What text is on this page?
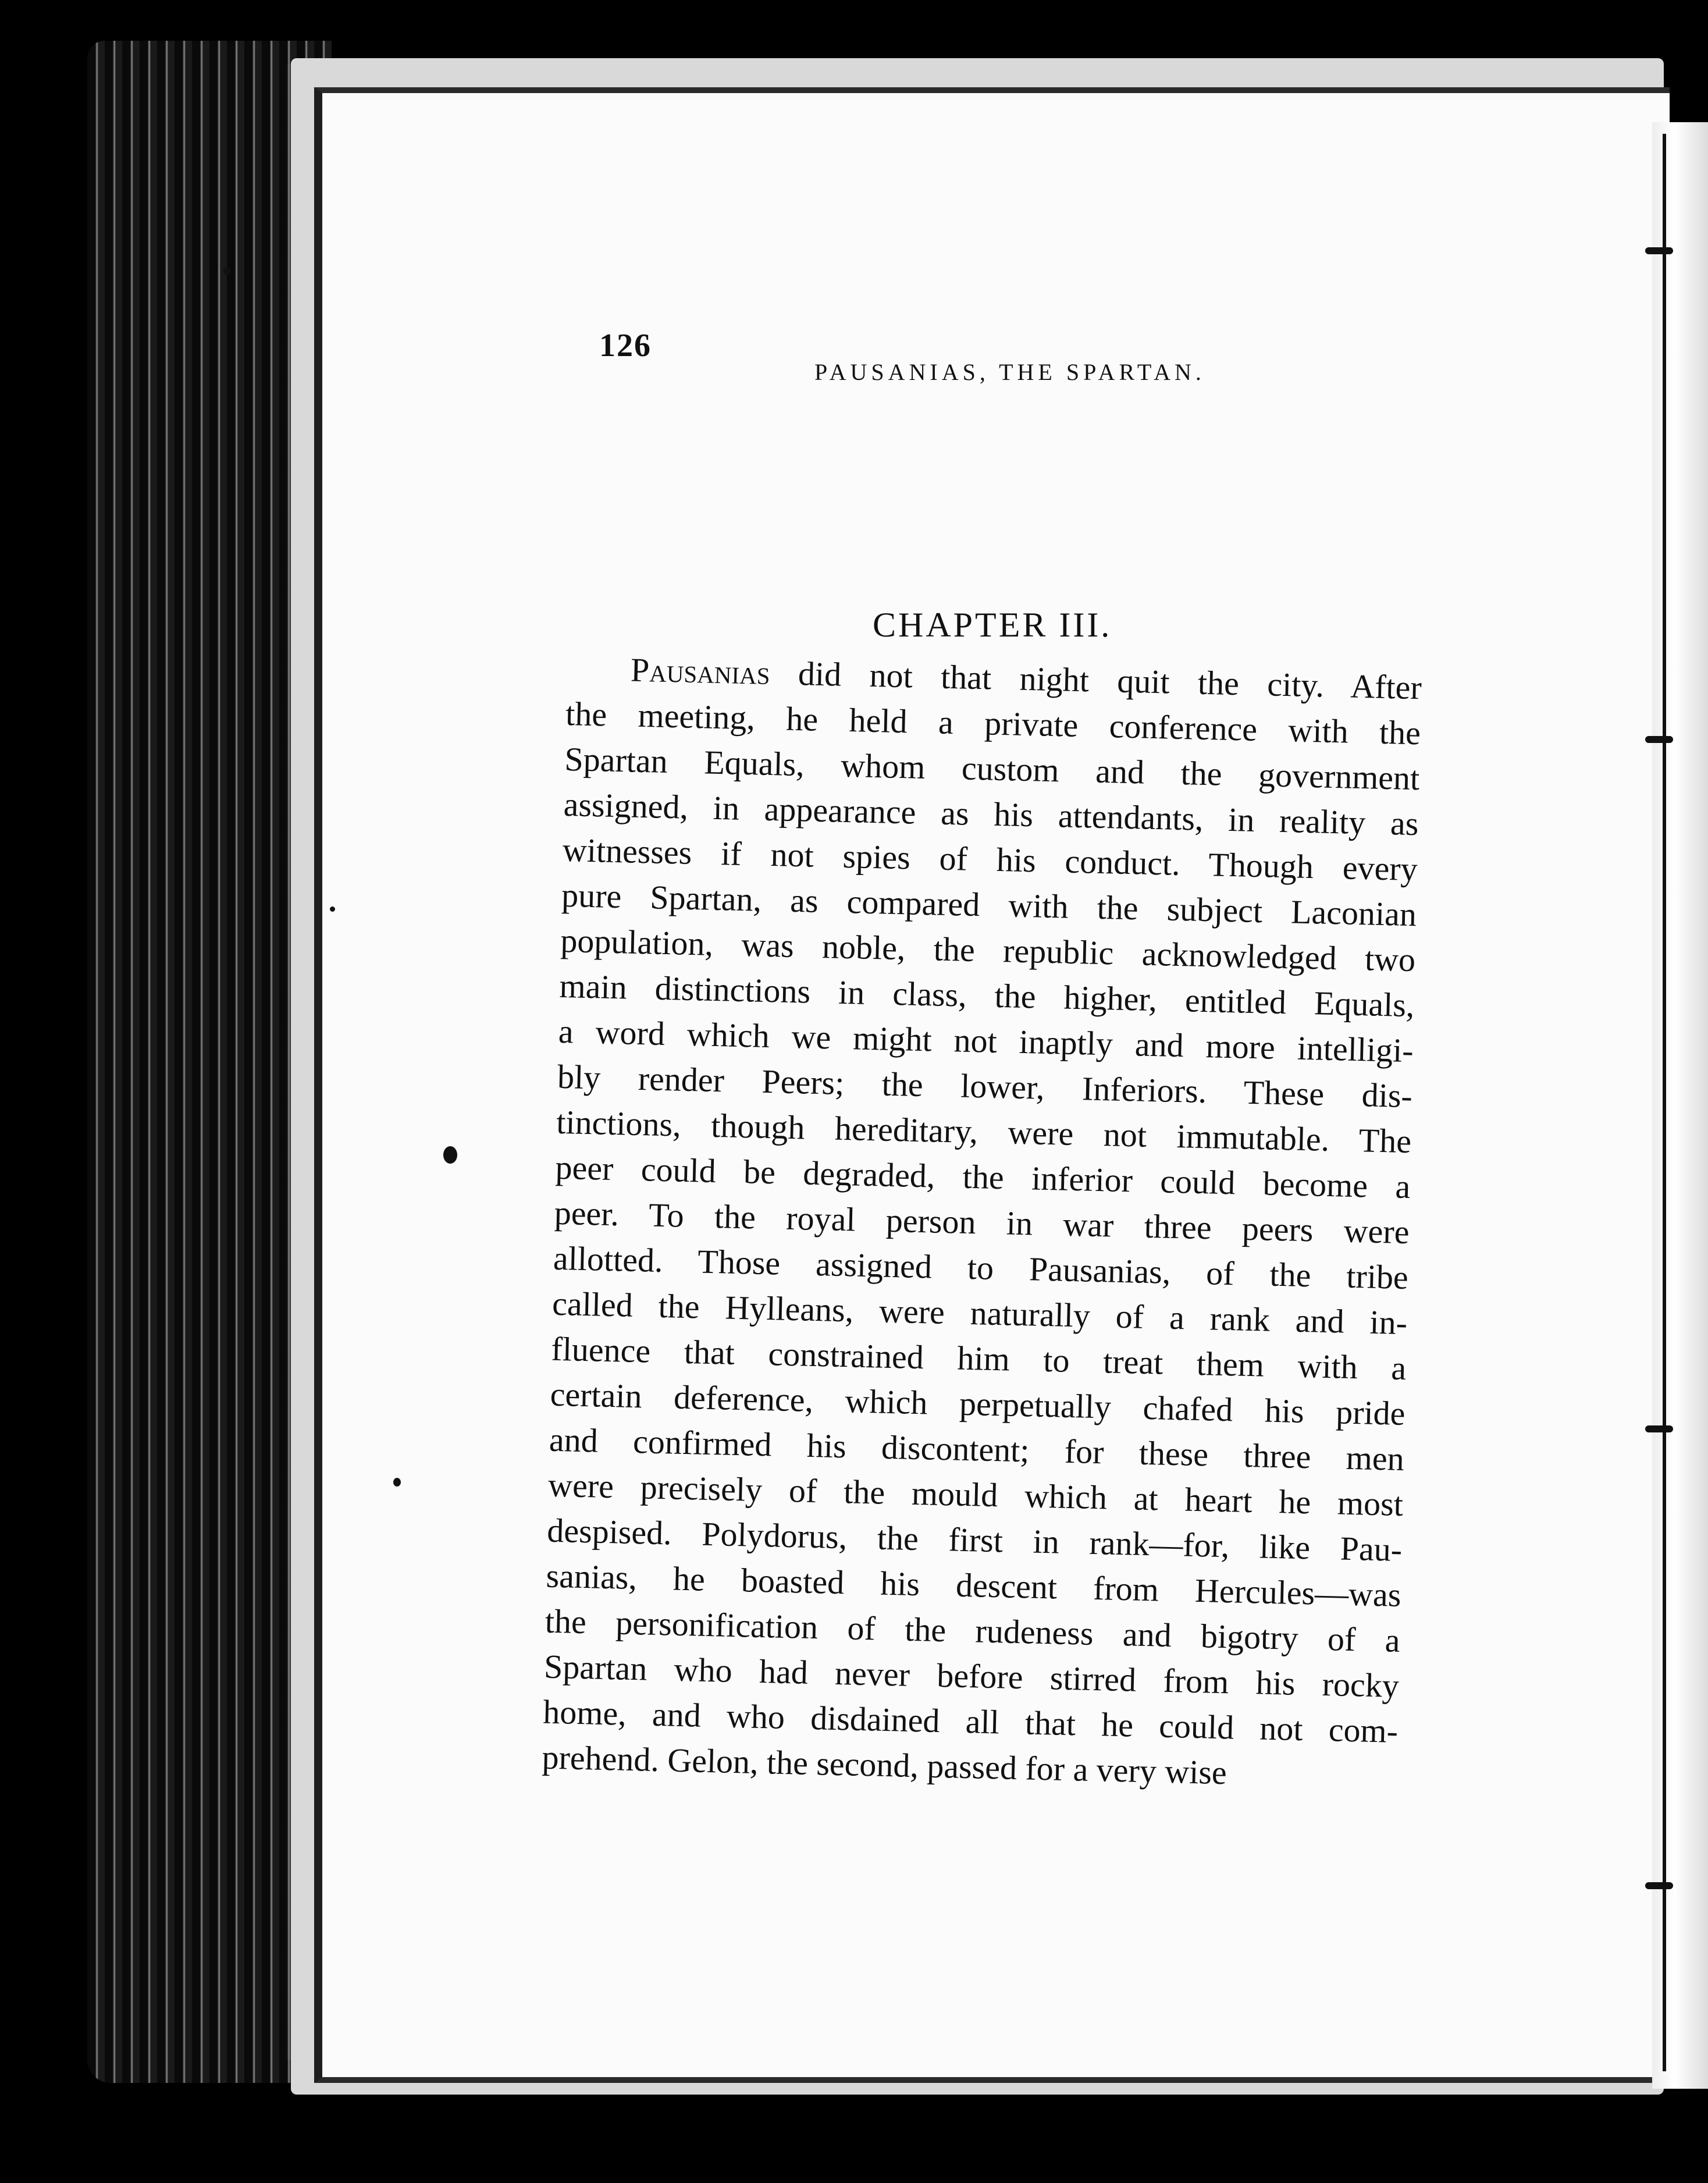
126
PAUSANIAS, THE SPARTAN.
CHAPTER III.
Pausanias did not that night quit the city. After
the meeting, he held a private conference with the
Spartan Equals, whom custom and the government
assigned, in appearance as his attendants, in reality as
witnesses if not spies of his conduct. Though every
pure Spartan, as compared with the subject Laconian
population, was noble, the republic acknowledged two
main distinctions in class, the higher, entitled Equals,
a word which we might not inaptly and more intelligi-
bly render Peers; the lower, Inferiors. These dis-
tinctions, though hereditary, were not immutable. The
peer could be degraded, the inferior could become a
peer. To the royal person in war three peers were
allotted. Those assigned to Pausanias, of the tribe
called the Hylleans, were naturally of a rank and in-
fluence that constrained him to treat them with a
certain deference, which perpetually chafed his pride
and confirmed his discontent; for these three men
were precisely of the mould which at heart he most
despised. Polydorus, the first in rank—for, like Pau-
sanias, he boasted his descent from Hercules—was
the personification of the rudeness and bigotry of a
Spartan who had never before stirred from his rocky
home, and who disdained all that he could not com-
prehend. Gelon, the second, passed for a very wise
